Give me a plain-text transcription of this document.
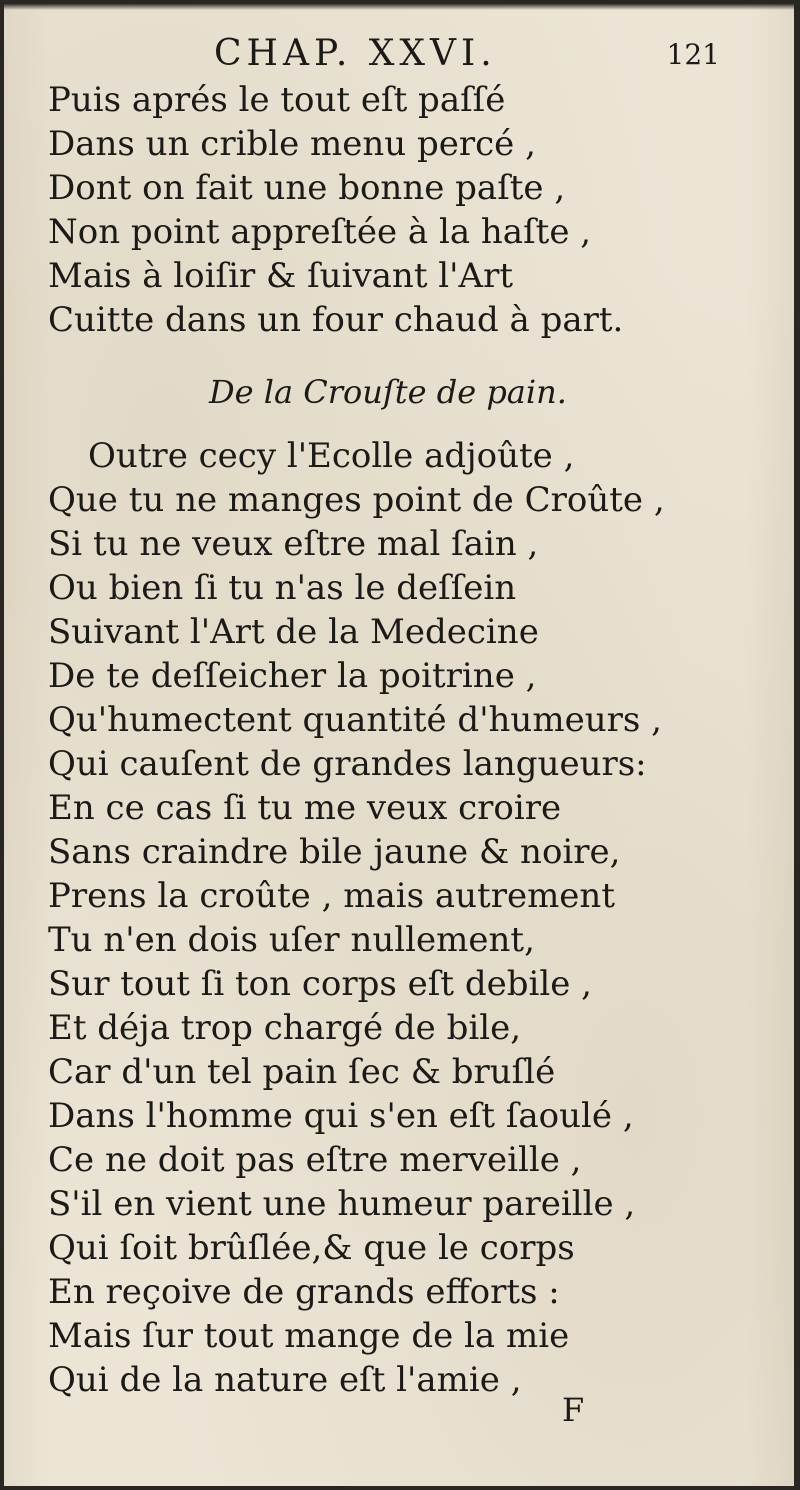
CHAP. XXVI.	121
Puis aprés le tout eſt paſſé
Dans un crible menu percé ,
Dont on fait une bonne paſte ,
Non point appreſtée à la haſte ,
Mais à loiſir & ſuivant l'Art
Cuitte dans un four chaud à part.
De la Crouſte de pain.
Outre cecy l'Ecolle adjoûte ,
Que tu ne manges point de Croûte ,
Si tu ne veux eſtre mal ſain ,
Ou bien ſi tu n'as le deſſein
Suivant l'Art de la Medecine
De te deſſeicher la poitrine ,
Qu'humectent quantité d'humeurs ,
Qui cauſent de grandes langueurs:
En ce cas ſi tu me veux croire
Sans craindre bile jaune & noire,
Prens la croûte , mais autrement
Tu n'en dois uſer nullement,
Sur tout ſi ton corps eſt debile ,
Et déja trop chargé de bile,
Car d'un tel pain ſec & bruſlé
Dans l'homme qui s'en eſt ſaoulé ,
Ce ne doit pas eſtre merveille ,
S'il en vient une humeur pareille ,
Qui ſoit brûſlée,& que le corps
En reçoive de grands efforts :
Mais ſur tout mange de la mie
Qui de la nature eſt l'amie ,
F
